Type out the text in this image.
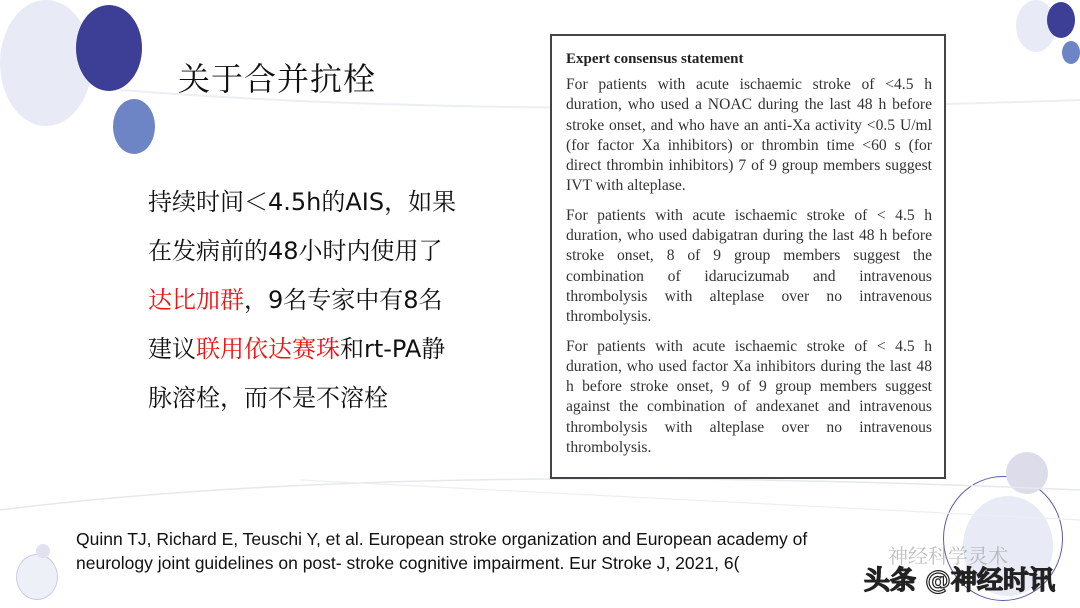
关于合并抗栓
持续时间＜4.5h的AIS，如果
在发病前的48小时内使用了
达比加群，9名专家中有8名
建议联用依达赛珠和rt-PA静
脉溶栓，而不是不溶栓
Expert consensus statement

For patients with acute ischaemic stroke of <4.5 h duration, who used a NOAC during the last 48 h before stroke onset, and who have an anti-Xa activity <0.5 U/ml (for factor Xa inhibitors) or thrombin time <60 s (for direct thrombin inhibitors) 7 of 9 group members suggest IVT with alteplase.

For patients with acute ischaemic stroke of < 4.5 h duration, who used dabigatran during the last 48 h before stroke onset, 8 of 9 group members suggest the combination of idarucizumab and intravenous thrombolysis with alteplase over no intravenous thrombolysis.

For patients with acute ischaemic stroke of < 4.5 h duration, who used factor Xa inhibitors during the last 48 h before stroke onset, 9 of 9 group members suggest against the combination of andexanet and intravenous thrombolysis with alteplase over no intravenous thrombolysis.

Quinn TJ, Richard E, Teuschi Y, et al. European stroke organization and European academy of
neurology joint guidelines on post- stroke cognitive impairment. Eur Stroke J, 2021, 6(	神经科学灵术
头条 @神经时讯
